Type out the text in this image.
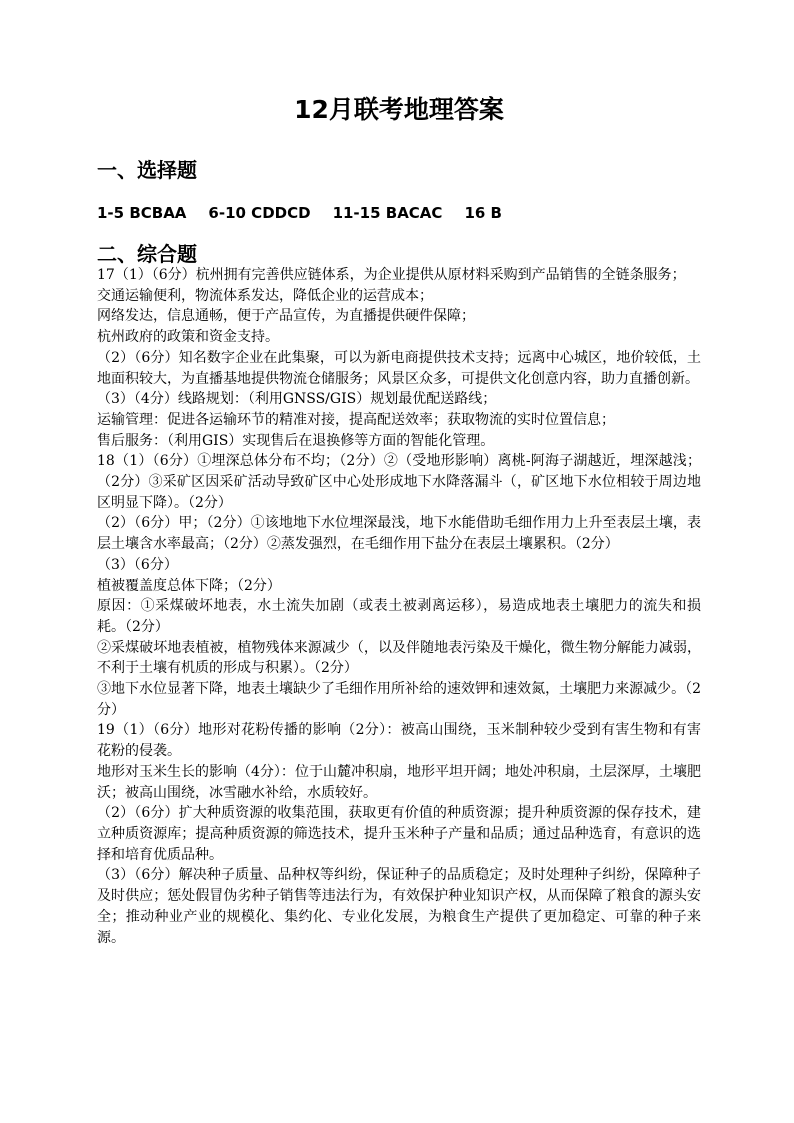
12月联考地理答案
一、选择题
1-5 BCBAA 6-10 CDDCD 11-15 BACAC 16 B
二、综合题

17（1）（6分）杭州拥有完善供应链体系，为企业提供从原材料采购到产品销售的全链条服务；

交通运输便利，物流体系发达，降低企业的运营成本；

网络发达，信息通畅，便于产品宣传，为直播提供硬件保障；

杭州政府的政策和资金支持。

（2）（6分）知名数字企业在此集聚，可以为新电商提供技术支持；远离中心城区，地价较低，土地面积较大，为直播基地提供物流仓储服务；风景区众多，可提供文化创意内容，助力直播创新。

（3）（4分）线路规划：（利用GNSS/GIS）规划最优配送路线；

运输管理：促进各运输环节的精准对接，提高配送效率；获取物流的实时位置信息；

售后服务：（利用GIS）实现售后在退换修等方面的智能化管理。

18（1）（6分）①埋深总体分布不均；（2分）②（受地形影响）离桃-阿海子湖越近，埋深越浅；（2分）③采矿区因采矿活动导致矿区中心处形成地下水降落漏斗（，矿区地下水位相较于周边地区明显下降）。（2分）

（2）（6分）甲；（2分）①该地地下水位埋深最浅，地下水能借助毛细作用力上升至表层土壤，表层土壤含水率最高；（2分）②蒸发强烈，在毛细作用下盐分在表层土壤累积。（2分）

（3）（6分）

植被覆盖度总体下降；（2分）

原因：①采煤破坏地表，水土流失加剧（或表土被剥离运移），易造成地表土壤肥力的流失和损耗。（2分）

②采煤破坏地表植被，植物残体来源减少（，以及伴随地表污染及干燥化，微生物分解能力减弱，不利于土壤有机质的形成与积累）。（2分）

③地下水位显著下降，地表土壤缺少了毛细作用所补给的速效钾和速效氮，土壤肥力来源减少。（2分）

19（1）（6分）地形对花粉传播的影响（2分）：被高山围绕，玉米制种较少受到有害生物和有害花粉的侵袭。

地形对玉米生长的影响（4分）：位于山麓冲积扇，地形平坦开阔；地处冲积扇，土层深厚，土壤肥沃；被高山围绕，冰雪融水补给，水质较好。

（2）（6分）扩大种质资源的收集范围，获取更有价值的种质资源；提升种质资源的保存技术，建立种质资源库；提高种质资源的筛选技术，提升玉米种子产量和品质；通过品种选育，有意识的选择和培育优质品种。

（3）（6分）解决种子质量、品种权等纠纷，保证种子的品质稳定；及时处理种子纠纷，保障种子及时供应；惩处假冒伪劣种子销售等违法行为，有效保护种业知识产权，从而保障了粮食的源头安全；推动种业产业的规模化、集约化、专业化发展，为粮食生产提供了更加稳定、可靠的种子来源。
